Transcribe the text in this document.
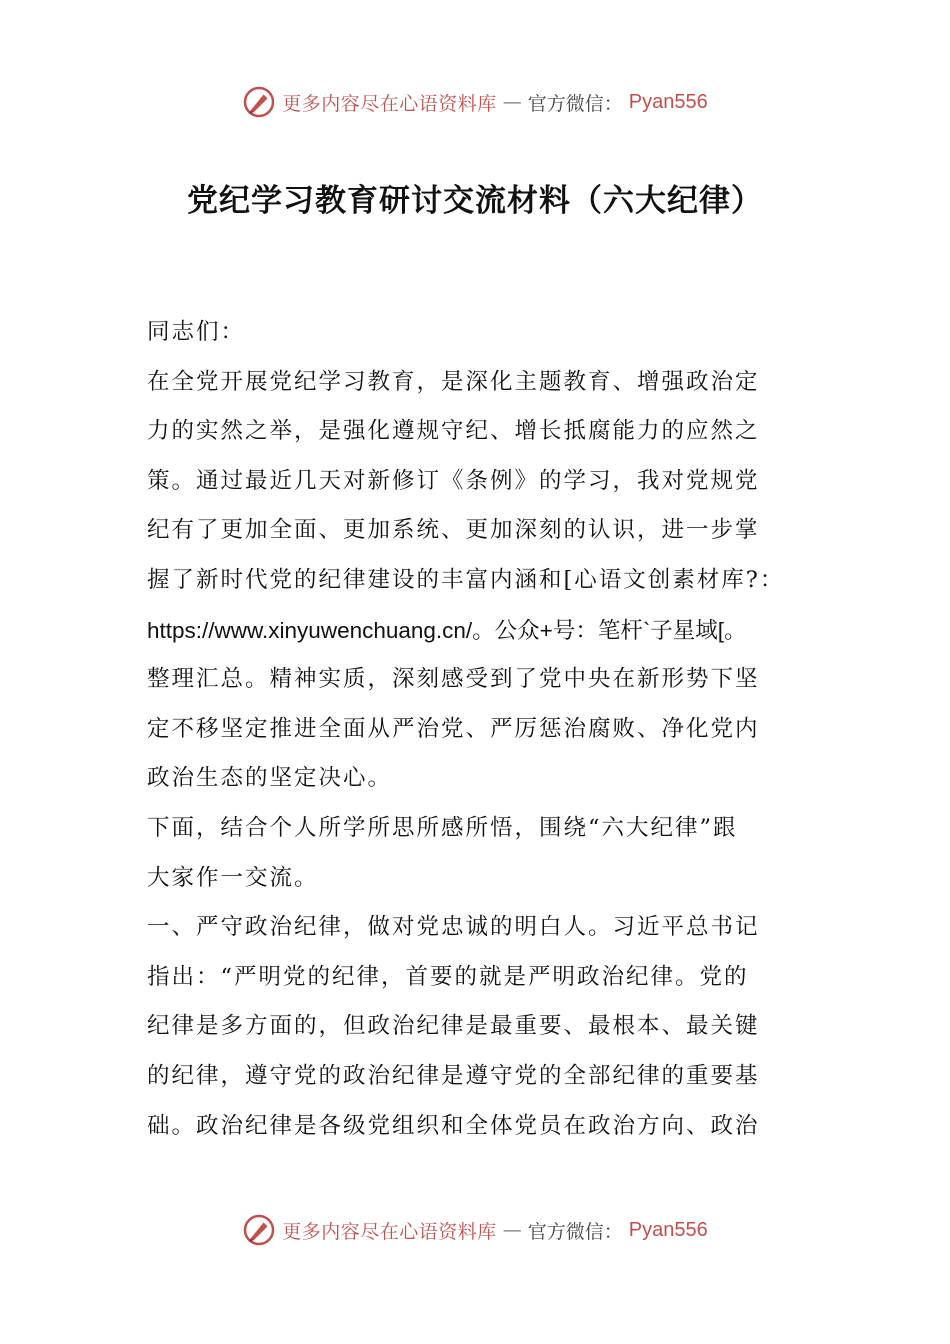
更多内容尽在心语资料库 — 官方微信： Pyan556
党纪学习教育研讨交流材料（六大纪律）
同志们：
在全党开展党纪学习教育，是深化主题教育、增强政治定
力的实然之举，是强化遵规守纪、增长抵腐能力的应然之
策。通过最近几天对新修订《条例》的学习，我对党规党
纪有了更加全面、更加系统、更加深刻的认识，进一步掌
握了新时代党的纪律建设的丰富内涵和[心语文创素材库?：
https://www.xinyuwenchuang.cn/。公众+号：笔杆`子星域[。
整理汇总。精神实质，深刻感受到了党中央在新形势下坚
定不移坚定推进全面从严治党、严厉惩治腐败、净化党内
政治生态的坚定决心。
下面，结合个人所学所思所感所悟，围绕“六大纪律”跟
大家作一交流。
一、严守政治纪律，做对党忠诚的明白人。习近平总书记
指出：“严明党的纪律，首要的就是严明政治纪律。党的
纪律是多方面的，但政治纪律是最重要、最根本、最关键
的纪律，遵守党的政治纪律是遵守党的全部纪律的重要基
础。政治纪律是各级党组织和全体党员在政治方向、政治
更多内容尽在心语资料库 — 官方微信： Pyan556
